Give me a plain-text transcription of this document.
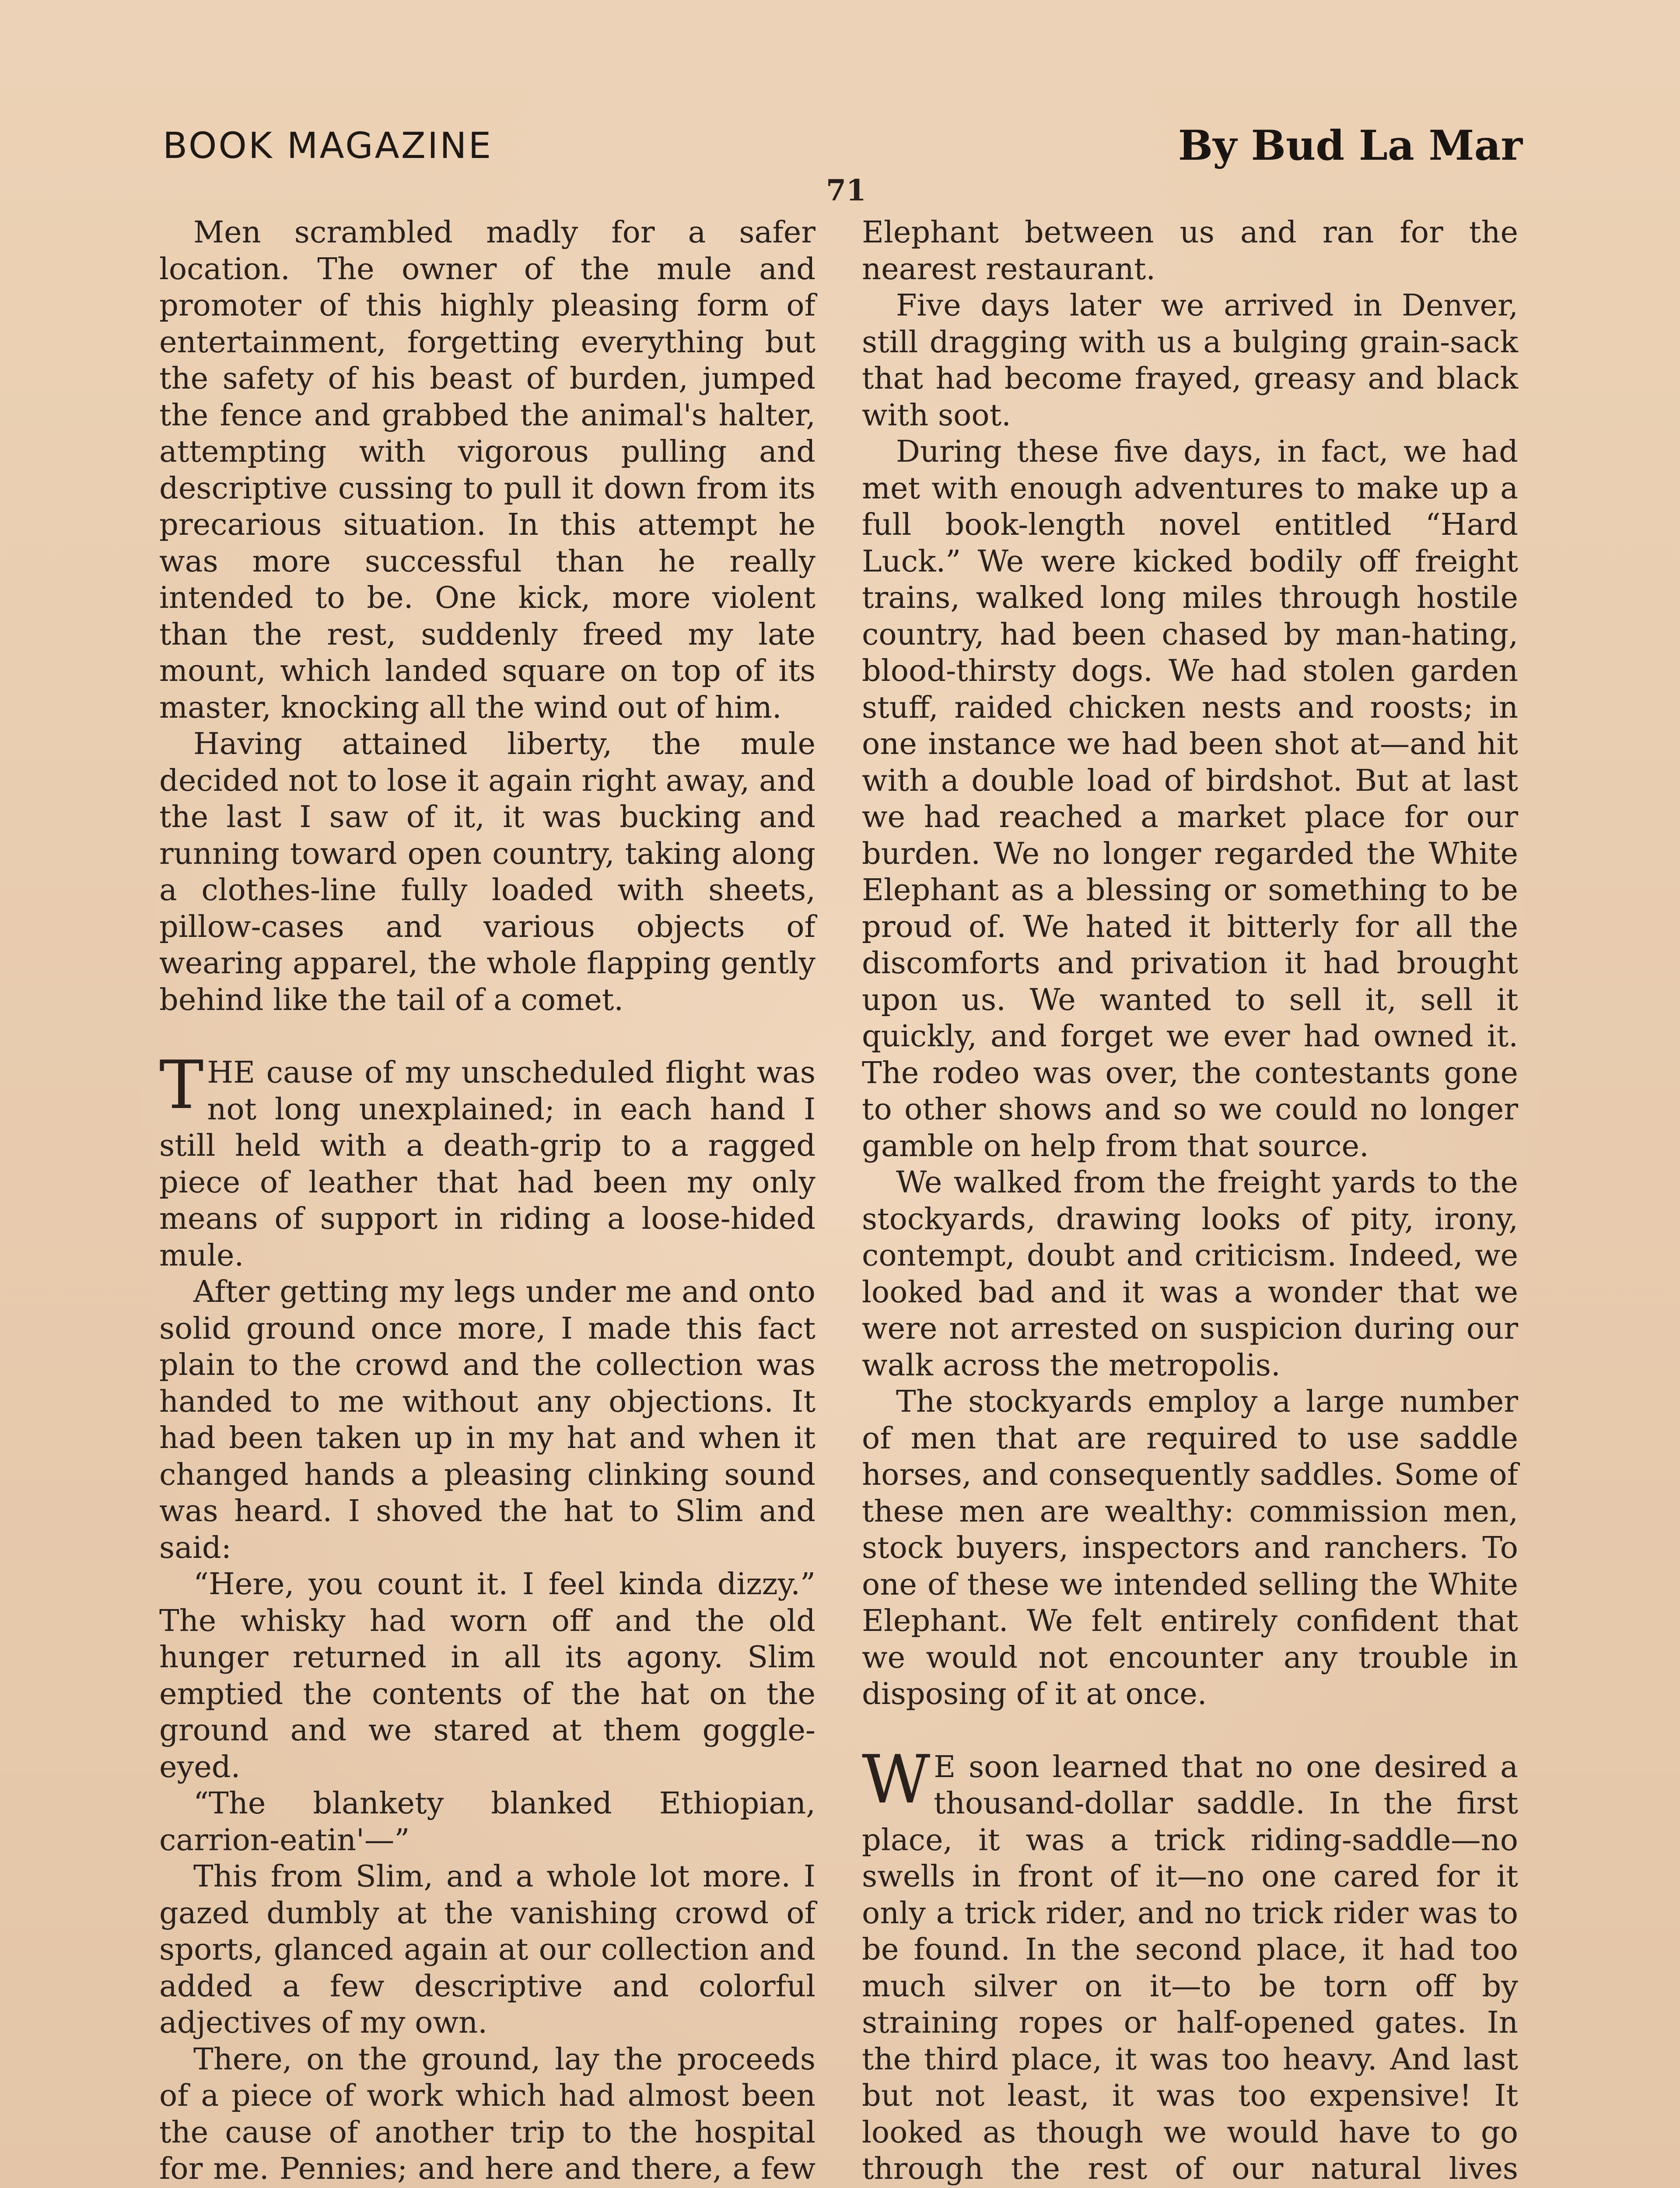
BOOK MAGAZINE	By Bud La Mar
71

Men scrambled madly for a safer location. The owner of the mule and promoter of this highly pleasing form of entertainment, forgetting everything but the safety of his beast of burden, jumped the fence and grabbed the animal's halter, attempting with vigorous pulling and descriptive cussing to pull it down from its precarious situation. In this attempt he was more successful than he really intended to be. One kick, more violent than the rest, suddenly freed my late mount, which landed square on top of its master, knocking all the wind out of him.

Having attained liberty, the mule decided not to lose it again right away, and the last I saw of it, it was bucking and running toward open country, taking along a clothes-line fully loaded with sheets, pillow-cases and various objects of wearing apparel, the whole flapping gently behind like the tail of a comet.

THE cause of my unscheduled flight was not long unexplained; in each hand I still held with a death-grip to a ragged piece of leather that had been my only means of support in riding a loose-hided mule.

After getting my legs under me and onto solid ground once more, I made this fact plain to the crowd and the collection was handed to me without any objections. It had been taken up in my hat and when it changed hands a pleasing clinking sound was heard. I shoved the hat to Slim and said:

“Here, you count it. I feel kinda dizzy.” The whisky had worn off and the old hunger returned in all its agony. Slim emptied the contents of the hat on the ground and we stared at them goggle-eyed.

“The blankety blanked Ethiopian, carrion-eatin'—”

This from Slim, and a whole lot more. I gazed dumbly at the vanishing crowd of sports, glanced again at our collection and added a few descriptive and colorful adjectives of my own.

There, on the ground, lay the proceeds of a piece of work which had almost been the cause of another trip to the hospital for me. Pennies; and here and there, a few

Elephant between us and ran for the nearest restaurant.

Five days later we arrived in Denver, still dragging with us a bulging grain-sack that had become frayed, greasy and black with soot.

During these five days, in fact, we had met with enough adventures to make up a full book-length novel entitled “Hard Luck.” We were kicked bodily off freight trains, walked long miles through hostile country, had been chased by man-hating, blood-thirsty dogs. We had stolen garden stuff, raided chicken nests and roosts; in one instance we had been shot at—and hit with a double load of birdshot. But at last we had reached a market place for our burden. We no longer regarded the White Elephant as a blessing or something to be proud of. We hated it bitterly for all the discomforts and privation it had brought upon us. We wanted to sell it, sell it quickly, and forget we ever had owned it. The rodeo was over, the contestants gone to other shows and so we could no longer gamble on help from that source.

We walked from the freight yards to the stockyards, drawing looks of pity, irony, contempt, doubt and criticism. Indeed, we looked bad and it was a wonder that we were not arrested on suspicion during our walk across the metropolis.

The stockyards employ a large number of men that are required to use saddle horses, and consequently saddles. Some of these men are wealthy: commission men, stock buyers, inspectors and ranchers. To one of these we intended selling the White Elephant. We felt entirely confident that we would not encounter any trouble in disposing of it at once.

W E soon learned that no one desired a thousand-dollar saddle. In the first place, it was a trick riding-saddle—no swells in front of it—no one cared for it only a trick rider, and no trick rider was to be found. In the second place, it had too much silver on it—to be torn off by straining ropes or half-opened gates. In the third place, it was too heavy. And last but not least, it was too expensive! It looked as though we would have to go through the rest of our natural lives
